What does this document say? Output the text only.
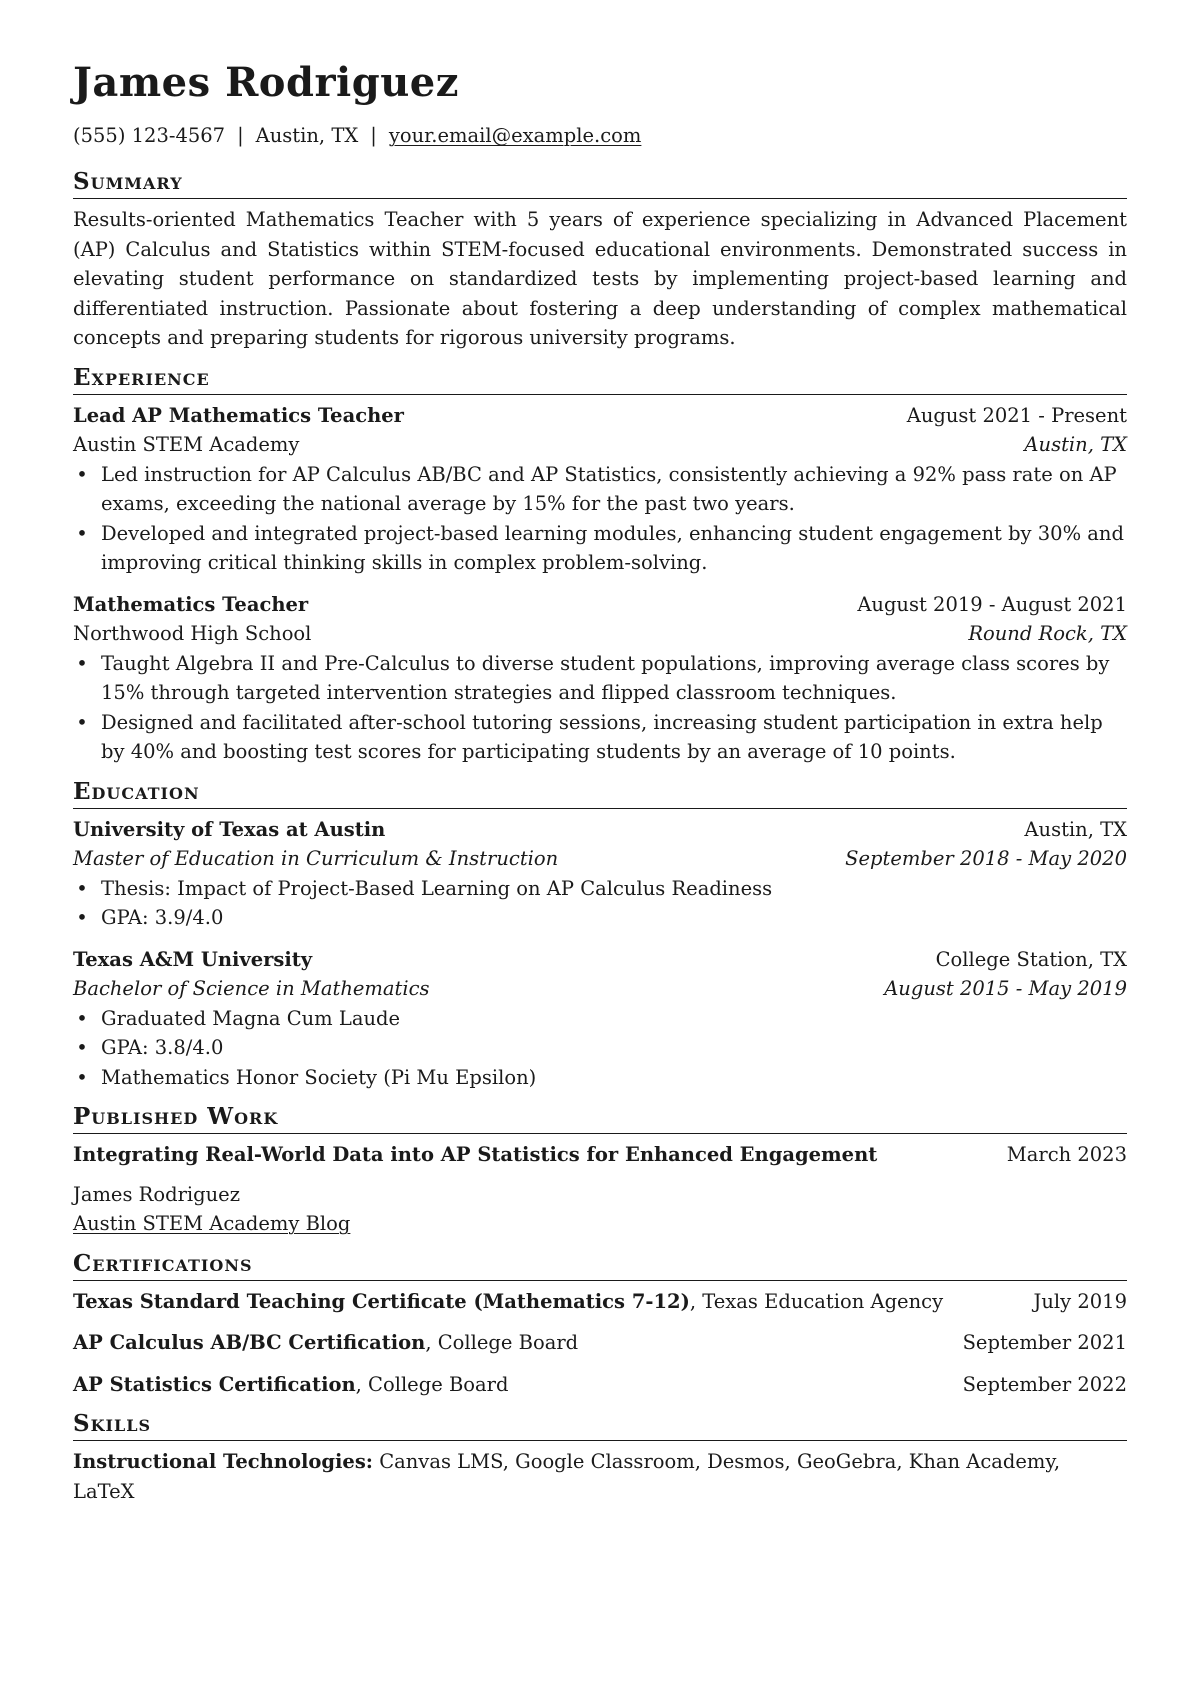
James Rodriguez
(555) 123-4567 | Austin, TX | your.email@example.com
Summary

Results-oriented Mathematics Teacher with 5 years of experience specializing in Advanced Placement (AP) Calculus and Statistics within STEM-focused educational environments. Demonstrated success in elevating student performance on standardized tests by implementing project-based learning and differentiated instruction. Passionate about fostering a deep understanding of complex mathematical concepts and preparing students for rigorous university programs.

Experience
Lead AP Mathematics Teacher	August 2021 - Present
Austin STEM Academy	Austin, TX
• Led instruction for AP Calculus AB/BC and AP Statistics, consistently achieving a 92% pass rate on AP exams, exceeding the national average by 15% for the past two years.
• Developed and integrated project-based learning modules, enhancing student engagement by 30% and improving critical thinking skills in complex problem-solving.
Mathematics Teacher	August 2019 - August 2021
Northwood High School	Round Rock, TX
• Taught Algebra II and Pre-Calculus to diverse student populations, improving average class scores by 15% through targeted intervention strategies and flipped classroom techniques.
• Designed and facilitated after-school tutoring sessions, increasing student participation in extra help by 40% and boosting test scores for participating students by an average of 10 points.
Education
University of Texas at Austin	Austin, TX
Master of Education in Curriculum & Instruction	September 2018 - May 2020
• Thesis: Impact of Project-Based Learning on AP Calculus Readiness
• GPA: 3.9/4.0
Texas A&M University	College Station, TX
Bachelor of Science in Mathematics	August 2015 - May 2019
• Graduated Magna Cum Laude
• GPA: 3.8/4.0
• Mathematics Honor Society (Pi Mu Epsilon)
Published Work
Integrating Real-World Data into AP Statistics for Enhanced Engagement	March 2023
James Rodriguez
Austin STEM Academy Blog
Certifications
Texas Standard Teaching Certificate (Mathematics 7-12), Texas Education Agency	July 2019
AP Calculus AB/BC Certification, College Board	September 2021
AP Statistics Certification, College Board	September 2022
Skills

Instructional Technologies: Canvas LMS, Google Classroom, Desmos, GeoGebra, Khan Academy, LaTeX
